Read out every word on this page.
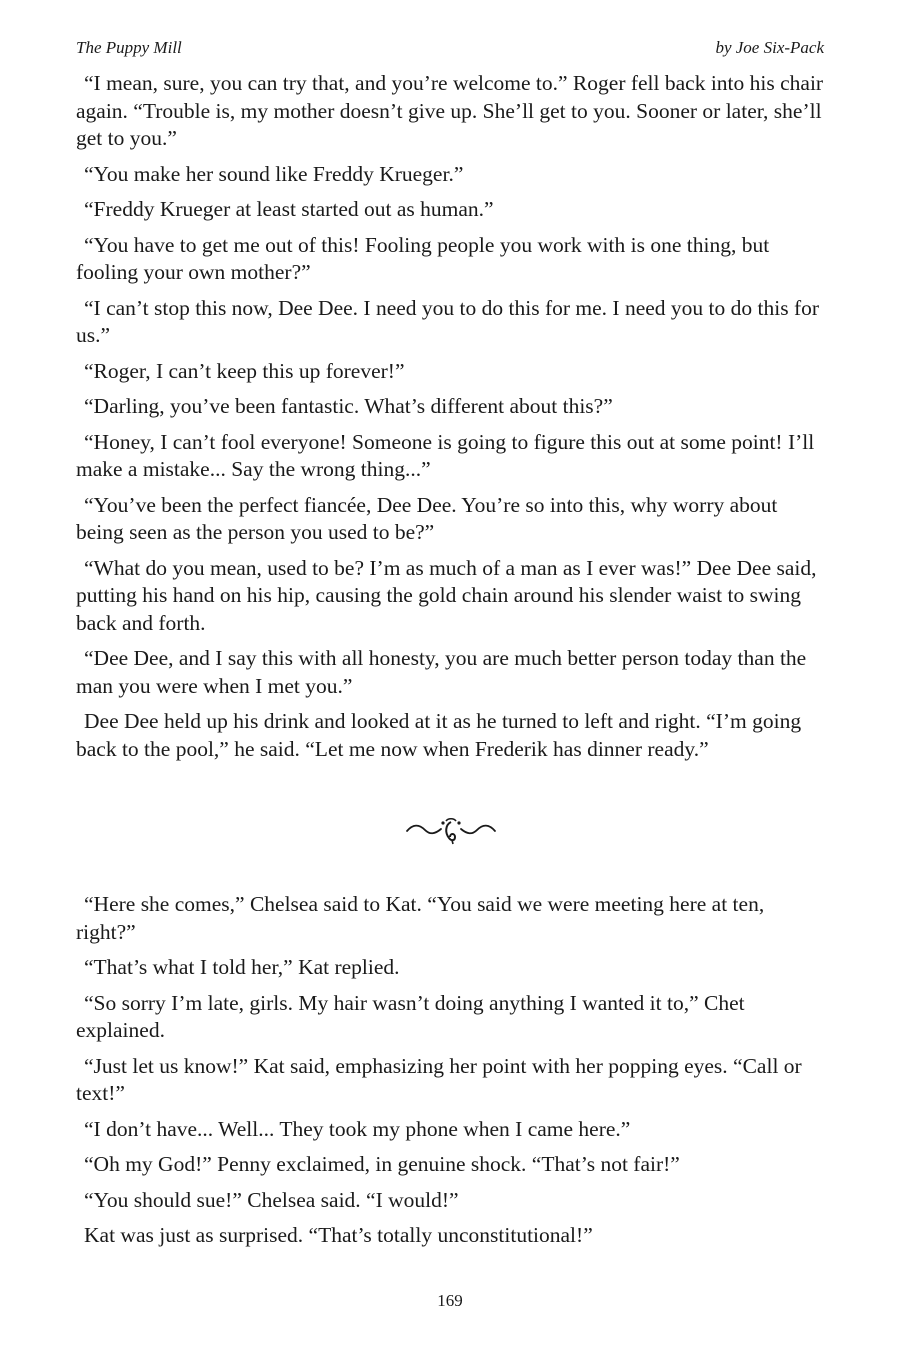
The Puppy Mill	by Joe Six-Pack

“I mean, sure, you can try that, and you’re welcome to.” Roger fell back into his chair again. “Trouble is, my mother doesn’t give up. She’ll get to you. Sooner or later, she’ll get to you.”

“You make her sound like Freddy Krueger.”

“Freddy Krueger at least started out as human.”

“You have to get me out of this! Fooling people you work with is one thing, but fooling your own mother?”

“I can’t stop this now, Dee Dee. I need you to do this for me. I need you to do this for us.”

“Roger, I can’t keep this up forever!”

“Darling, you’ve been fantastic. What’s different about this?”

“Honey, I can’t fool everyone! Someone is going to figure this out at some point! I’ll make a mistake... Say the wrong thing...”

“You’ve been the perfect fiancée, Dee Dee. You’re so into this, why worry about being seen as the person you used to be?”

“What do you mean, used to be? I’m as much of a man as I ever was!” Dee Dee said, putting his hand on his hip, causing the gold chain around his slender waist to swing back and forth.

“Dee Dee, and I say this with all honesty, you are much better person today than the man you were when I met you.”

Dee Dee held up his drink and looked at it as he turned to left and right. “I’m going back to the pool,” he said. “Let me now when Frederik has dinner ready.”

“Here she comes,” Chelsea said to Kat. “You said we were meeting here at ten, right?”

“That’s what I told her,” Kat replied.

“So sorry I’m late, girls. My hair wasn’t doing anything I wanted it to,” Chet explained.

“Just let us know!” Kat said, emphasizing her point with her popping eyes. “Call or text!”

“I don’t have... Well... They took my phone when I came here.”

“Oh my God!” Penny exclaimed, in genuine shock. “That’s not fair!”

“You should sue!” Chelsea said. “I would!”

Kat was just as surprised. “That’s totally unconstitutional!”

169
